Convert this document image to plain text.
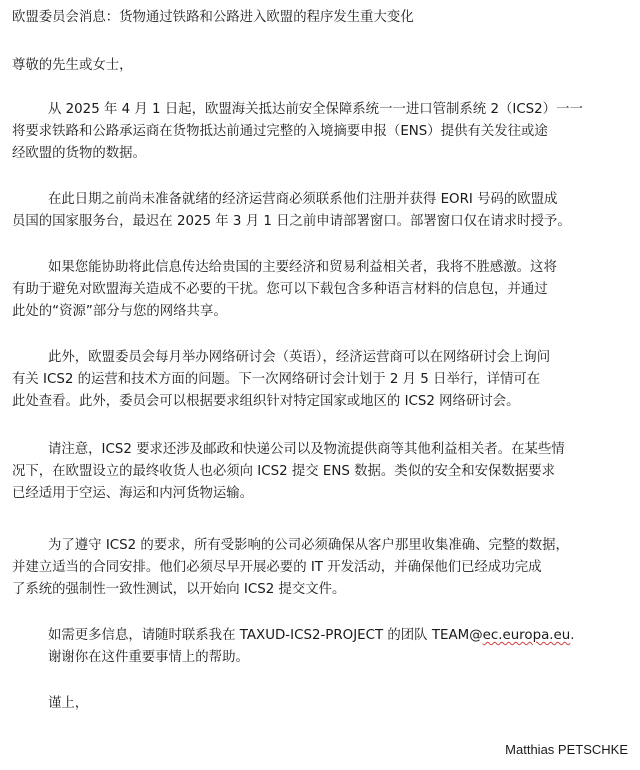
欧盟委员会消息：货物通过铁路和公路进入欧盟的程序发生重大变化
尊敬的先生或女士，
从 2025 年 4 月 1 日起，欧盟海关抵达前安全保障系统一一进口管制系统 2（ICS2）一一
将要求铁路和公路承运商在货物抵达前通过完整的入境摘要申报（ENS）提供有关发往或途
经欧盟的货物的数据。
在此日期之前尚未准备就绪的经济运营商必须联系他们注册并获得 EORI 号码的欧盟成
员国的国家服务台，最迟在 2025 年 3 月 1 日之前申请部署窗口。部署窗口仅在请求时授予。
如果您能协助将此信息传达给贵国的主要经济和贸易利益相关者，我将不胜感激。这将
有助于避免对欧盟海关造成不必要的干扰。您可以下载包含多种语言材料的信息包，并通过
此处的“资源”部分与您的网络共享。
此外，欧盟委员会每月举办网络研讨会（英语），经济运营商可以在网络研讨会上询问
有关 ICS2 的运营和技术方面的问题。下一次网络研讨会计划于 2 月 5 日举行，详情可在
此处查看。此外，委员会可以根据要求组织针对特定国家或地区的 ICS2 网络研讨会。
请注意，ICS2 要求还涉及邮政和快递公司以及物流提供商等其他利益相关者。在某些情
况下，在欧盟设立的最终收货人也必须向 ICS2 提交 ENS 数据。类似的安全和安保数据要求
已经适用于空运、海运和内河货物运输。
为了遵守 ICS2 的要求，所有受影响的公司必须确保从客户那里收集准确、完整的数据，
并建立适当的合同安排。他们必须尽早开展必要的 IT 开发活动，并确保他们已经成功完成
了系统的强制性一致性测试，以开始向 ICS2 提交文件。
如需更多信息，请随时联系我在 TAXUD-ICS2-PROJECT 的团队 TEAM@ec.europa.eu.
谢谢你在这件重要事情上的帮助。
谨上，
Matthias PETSCHKE
